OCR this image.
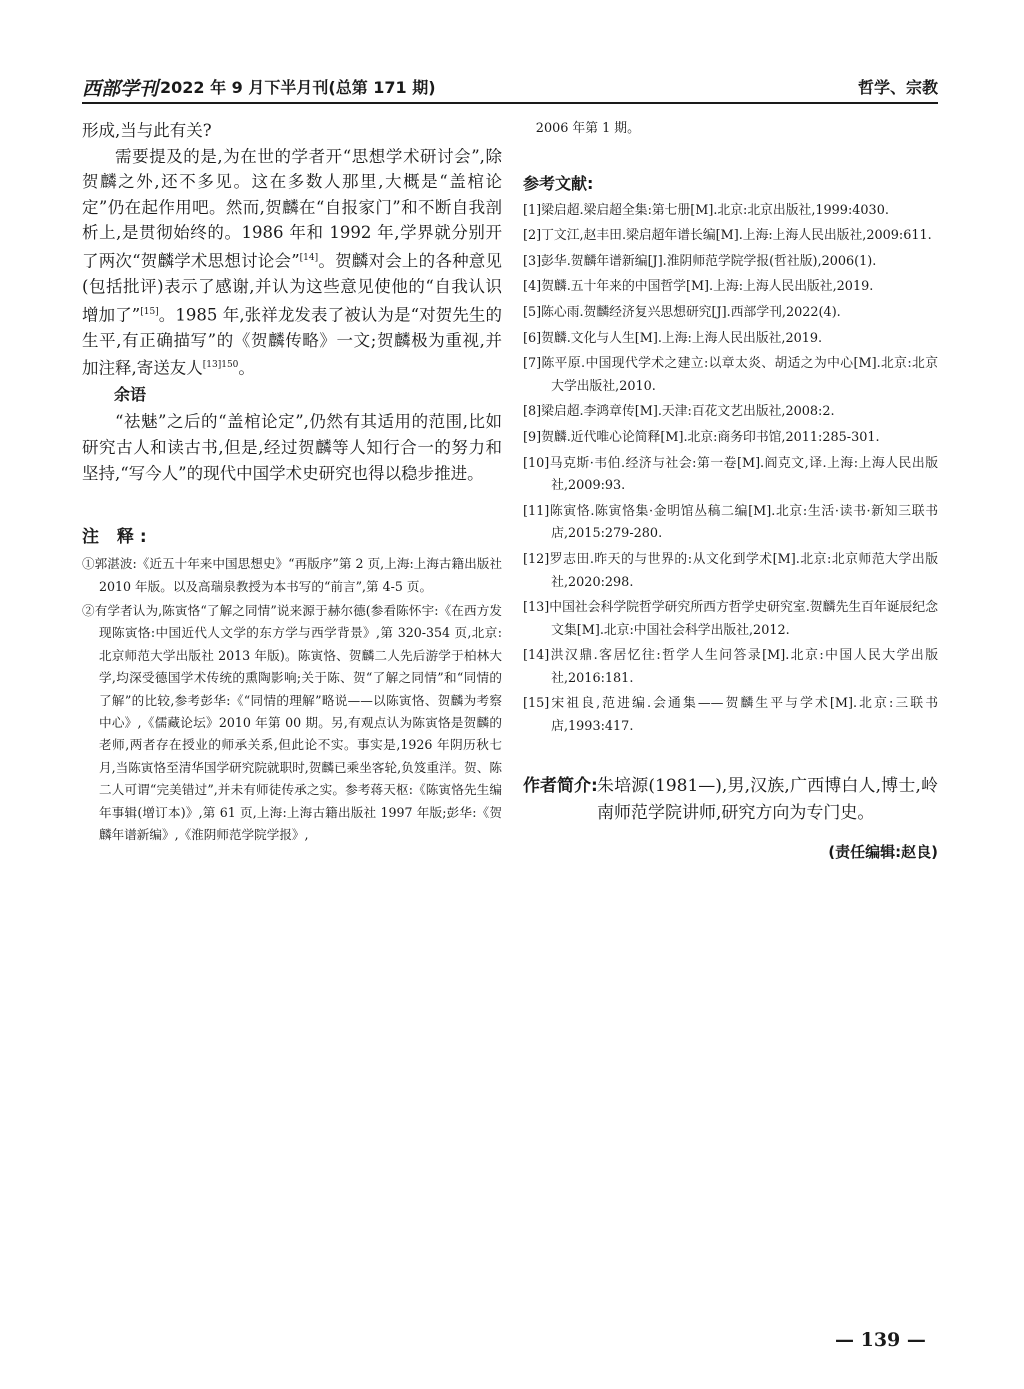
西部学刊 2022 年 9 月下半月刊(总第 171 期)	哲学、宗教

形成,当与此有关?

需要提及的是,为在世的学者开“思想学术研讨会”,除贺麟之外,还不多见。这在多数人那里,大概是“盖棺论定”仍在起作用吧。然而,贺麟在“自报家门”和不断自我剖析上,是贯彻始终的。1986 年和 1992 年,学界就分别开了两次“贺麟学术思想讨论会”[14]。贺麟对会上的各种意见(包括批评)表示了感谢,并认为这些意见使他的“自我认识增加了”[15]。1985 年,张祥龙发表了被认为是“对贺先生的生平,有正确描写”的《贺麟传略》一文;贺麟极为重视,并加注释,寄送友人$^{[13]150}$。

余语

“祛魅”之后的“盖棺论定”,仍然有其适用的范围,比如研究古人和读古书,但是,经过贺麟等人知行合一的努力和坚持,“写今人”的现代中国学术史研究也得以稳步推进。

注 释:

①郭湛波:《近五十年来中国思想史》“再版序”第 2 页,上海:上海古籍出版社 2010 年版。以及高瑞泉教授为本书写的“前言”,第 4-5 页。

②有学者认为,陈寅恪“了解之同情”说来源于赫尔德(参看陈怀宇:《在西方发现陈寅恪:中国近代人文学的东方学与西学背景》,第 320-354 页,北京:北京师范大学出版社 2013 年版)。陈寅恪、贺麟二人先后游学于柏林大学,均深受德国学术传统的熏陶影响;关于陈、贺“了解之同情”和“同情的了解”的比较,参考彭华:《“同情的理解”略说——以陈寅恪、贺麟为考察中心》,《儒藏论坛》2010 年第 00 期。另,有观点认为陈寅恪是贺麟的老师,两者存在授业的师承关系,但此论不实。事实是,1926 年阴历秋七月,当陈寅恪至清华国学研究院就职时,贺麟已乘坐客轮,负笈重洋。贺、陈二人可谓“完美错过”,并未有师徒传承之实。参考蒋天枢:《陈寅恪先生编年事辑(增订本)》,第 61 页,上海:上海古籍出版社 1997 年版;彭华:《贺麟年谱新编》,《淮阴师范学院学报》,

2006 年第 1 期。
参考文献:

[1]梁启超.梁启超全集:第七册[M].北京:北京出版社,1999:4030.

[2]丁文江,赵丰田.梁启超年谱长编[M].上海:上海人民出版社,2009:611.

[3]彭华.贺麟年谱新编[J].淮阴师范学院学报(哲社版),2006(1).

[4]贺麟.五十年来的中国哲学[M].上海:上海人民出版社,2019.

[5]陈心雨.贺麟经济复兴思想研究[J].西部学刊,2022(4).

[6]贺麟.文化与人生[M].上海:上海人民出版社,2019.

[7]陈平原.中国现代学术之建立:以章太炎、胡适之为中心[M].北京:北京大学出版社,2010.

[8]梁启超.李鸿章传[M].天津:百花文艺出版社,2008:2.

[9]贺麟.近代唯心论简释[M].北京:商务印书馆,2011:285-301.

[10]马克斯·韦伯.经济与社会:第一卷[M].阎克文,译.上海:上海人民出版社,2009:93.

[11]陈寅恪.陈寅恪集·金明馆丛稿二编[M].北京:生活·读书·新知三联书店,2015:279-280.

[12]罗志田.昨天的与世界的:从文化到学术[M].北京:北京师范大学出版社,2020:298.

[13]中国社会科学院哲学研究所西方哲学史研究室.贺麟先生百年诞辰纪念文集[M].北京:中国社会科学出版社,2012.

[14]洪汉鼎.客居忆往:哲学人生问答录[M].北京:中国人民大学出版社,2016:181.

[15]宋祖良,范进编.会通集——贺麟生平与学术[M].北京:三联书店,1993:417.

作者简介: 朱培源(1981—),男,汉族,广西博白人,博士,岭南师范学院讲师,研究方向为专门史。
(责任编辑:赵良)
— 139 —
